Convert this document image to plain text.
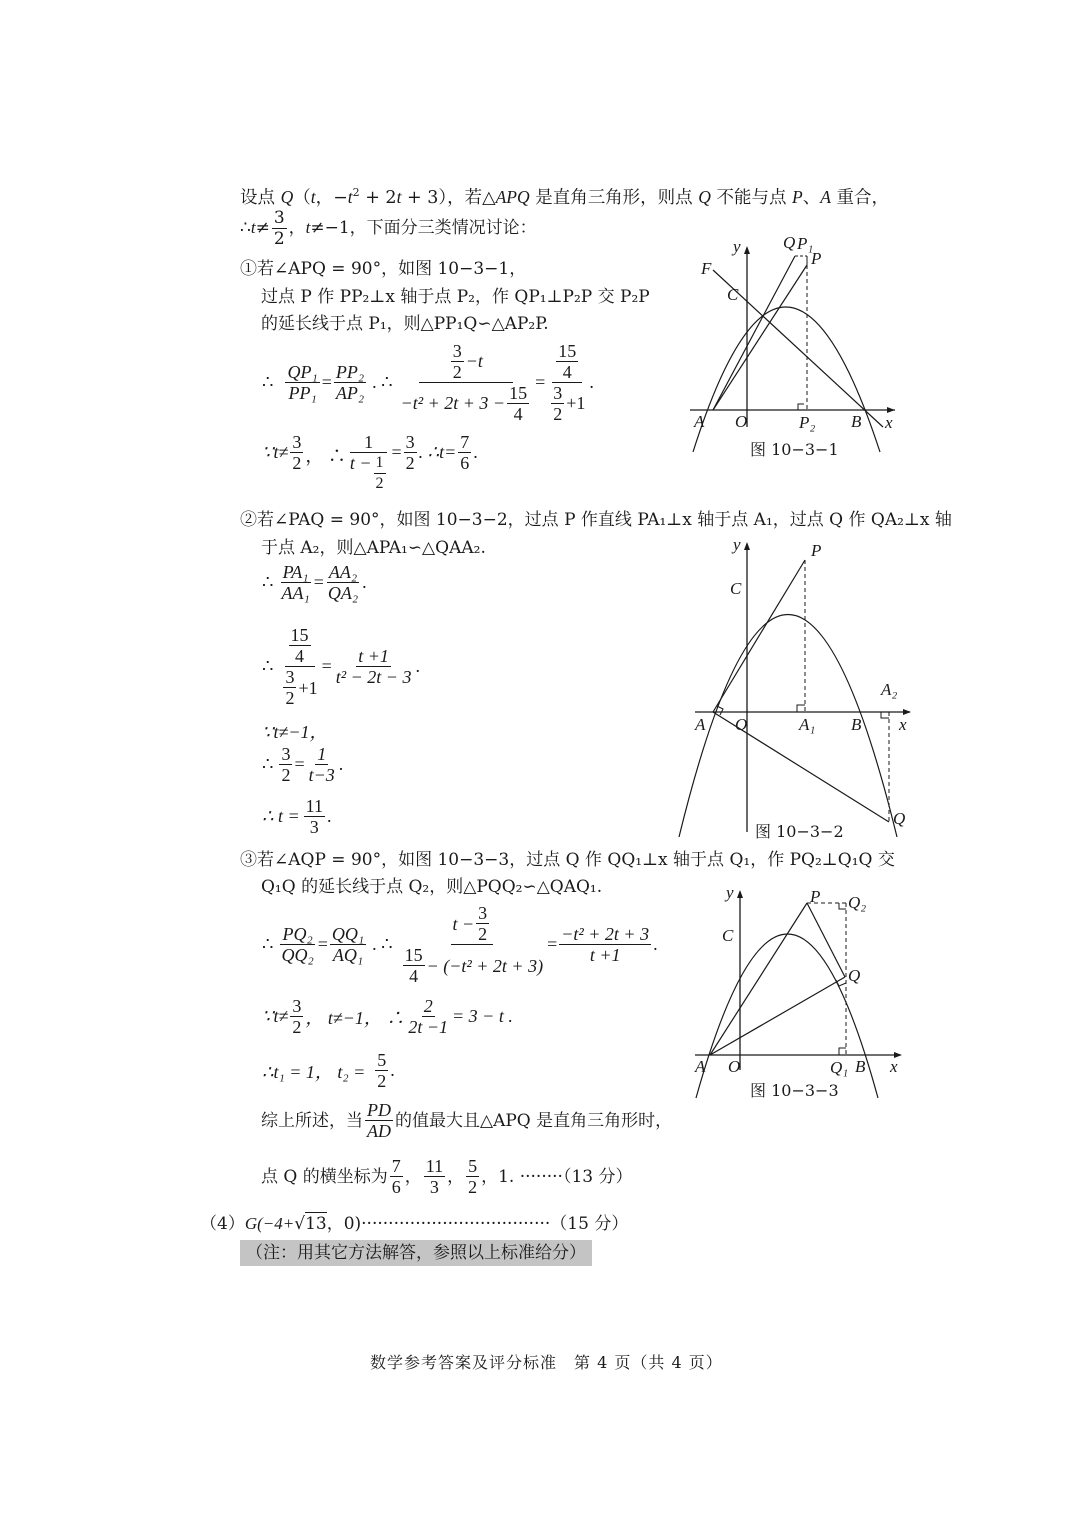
设点 Q（t，$-t^2 + 2t + 3$），若△APQ 是直角三角形，则点 Q 不能与点 P、A 重合，
∴t≠ $\frac{3}{2}$ ，t≠−1，下面分三类情况讨论：
①若∠APQ = 90°，如图 10−3−1，
过点 P 作 PP₂⊥x 轴于点 P₂，作 QP₁⊥P₂P 交 P₂P
的延长线于点 P₁，则△PP₁Q∽△AP₂P.
∴ $\frac{\text{QP₁}}{\text{PP₁}} = \frac{\text{PP₂}}{\text{AP₂}}$ . ∴ $\frac{\frac{3}{2} -t}{-t^2 + 2t + 3 - \frac{15}{4}} = \frac{\frac{15}{4}}{\frac{3}{2} +1}$ .
∵t≠ $\frac{3}{2}$ ， ∴ $\frac{1}{t - \frac{1}{2}} = \frac{3}{2}$ . ∴t= $\frac{7}{6}$ .
y Q P₁
P
F
C
A O	P₂ B x
图 10−3−1
②若∠PAQ = 90°，如图 10−3−2，过点 P 作直线 PA₁⊥x 轴于点 A₁，过点 Q 作 QA₂⊥x 轴
于点 A₂，则△APA₁∽△QAA₂.
∴ $\frac{\text{PA₁}}{\text{AA₁}} = \frac{\text{AA₂}}{\text{QA₂}}$ .
∴ $\frac{\frac{15}{4}}{\frac{3}{2} +1} = \frac{t +1}{\text{t² − 2t − 3}}$ .
∵t≠−1，
∴ $\frac{3}{2} = \frac{1}{t-3}$ .
∴ $t = \frac{11}{3}$ .
y	P
C
A₂
A O	A₁ B x
Q
图 10−3−2
③若∠AQP = 90°，如图 10−3−3，过点 Q 作 QQ₁⊥x 轴于点 Q₁，作 PQ₂⊥Q₁Q 交
Q₁Q 的延长线于点 Q₂，则△PQQ₂∽△QAQ₁.
∴ $\frac{\text{PQ₂}}{\text{QQ₂}} = \frac{\text{QQ₁}}{\text{AQ₁}}$ . ∴ $\frac{t - \frac{3}{2}}{\frac{15}{4} - (-t^2 + 2t + 3)} = \frac{\text{−t² + 2t + 3}}{t +1}$ .
∵t≠ $\frac{3}{2}$ ， t≠−1， ∴ $\frac{2}{2t -1} = 3 - t$ .
∴t₁ = 1， $t_2 = \frac{5}{2}$ .
y	P Q₂
C
Q
A O	Q₁ B x
图 10−3−3
综上所述，当 $\frac{PD}{AD}$ 的值最大且△APQ 是直角三角形时，
点 Q 的横坐标为 $\frac{7}{6}$ ， $\frac{11}{3}$ ， $\frac{5}{2}$ ，1. ········（13 分）
（4） G(−4+ √ 13 ，0) ··································· （15 分）
（注：用其它方法解答，参照以上标准给分）
数学参考答案及评分标准　第 4 页（共 4 页）
